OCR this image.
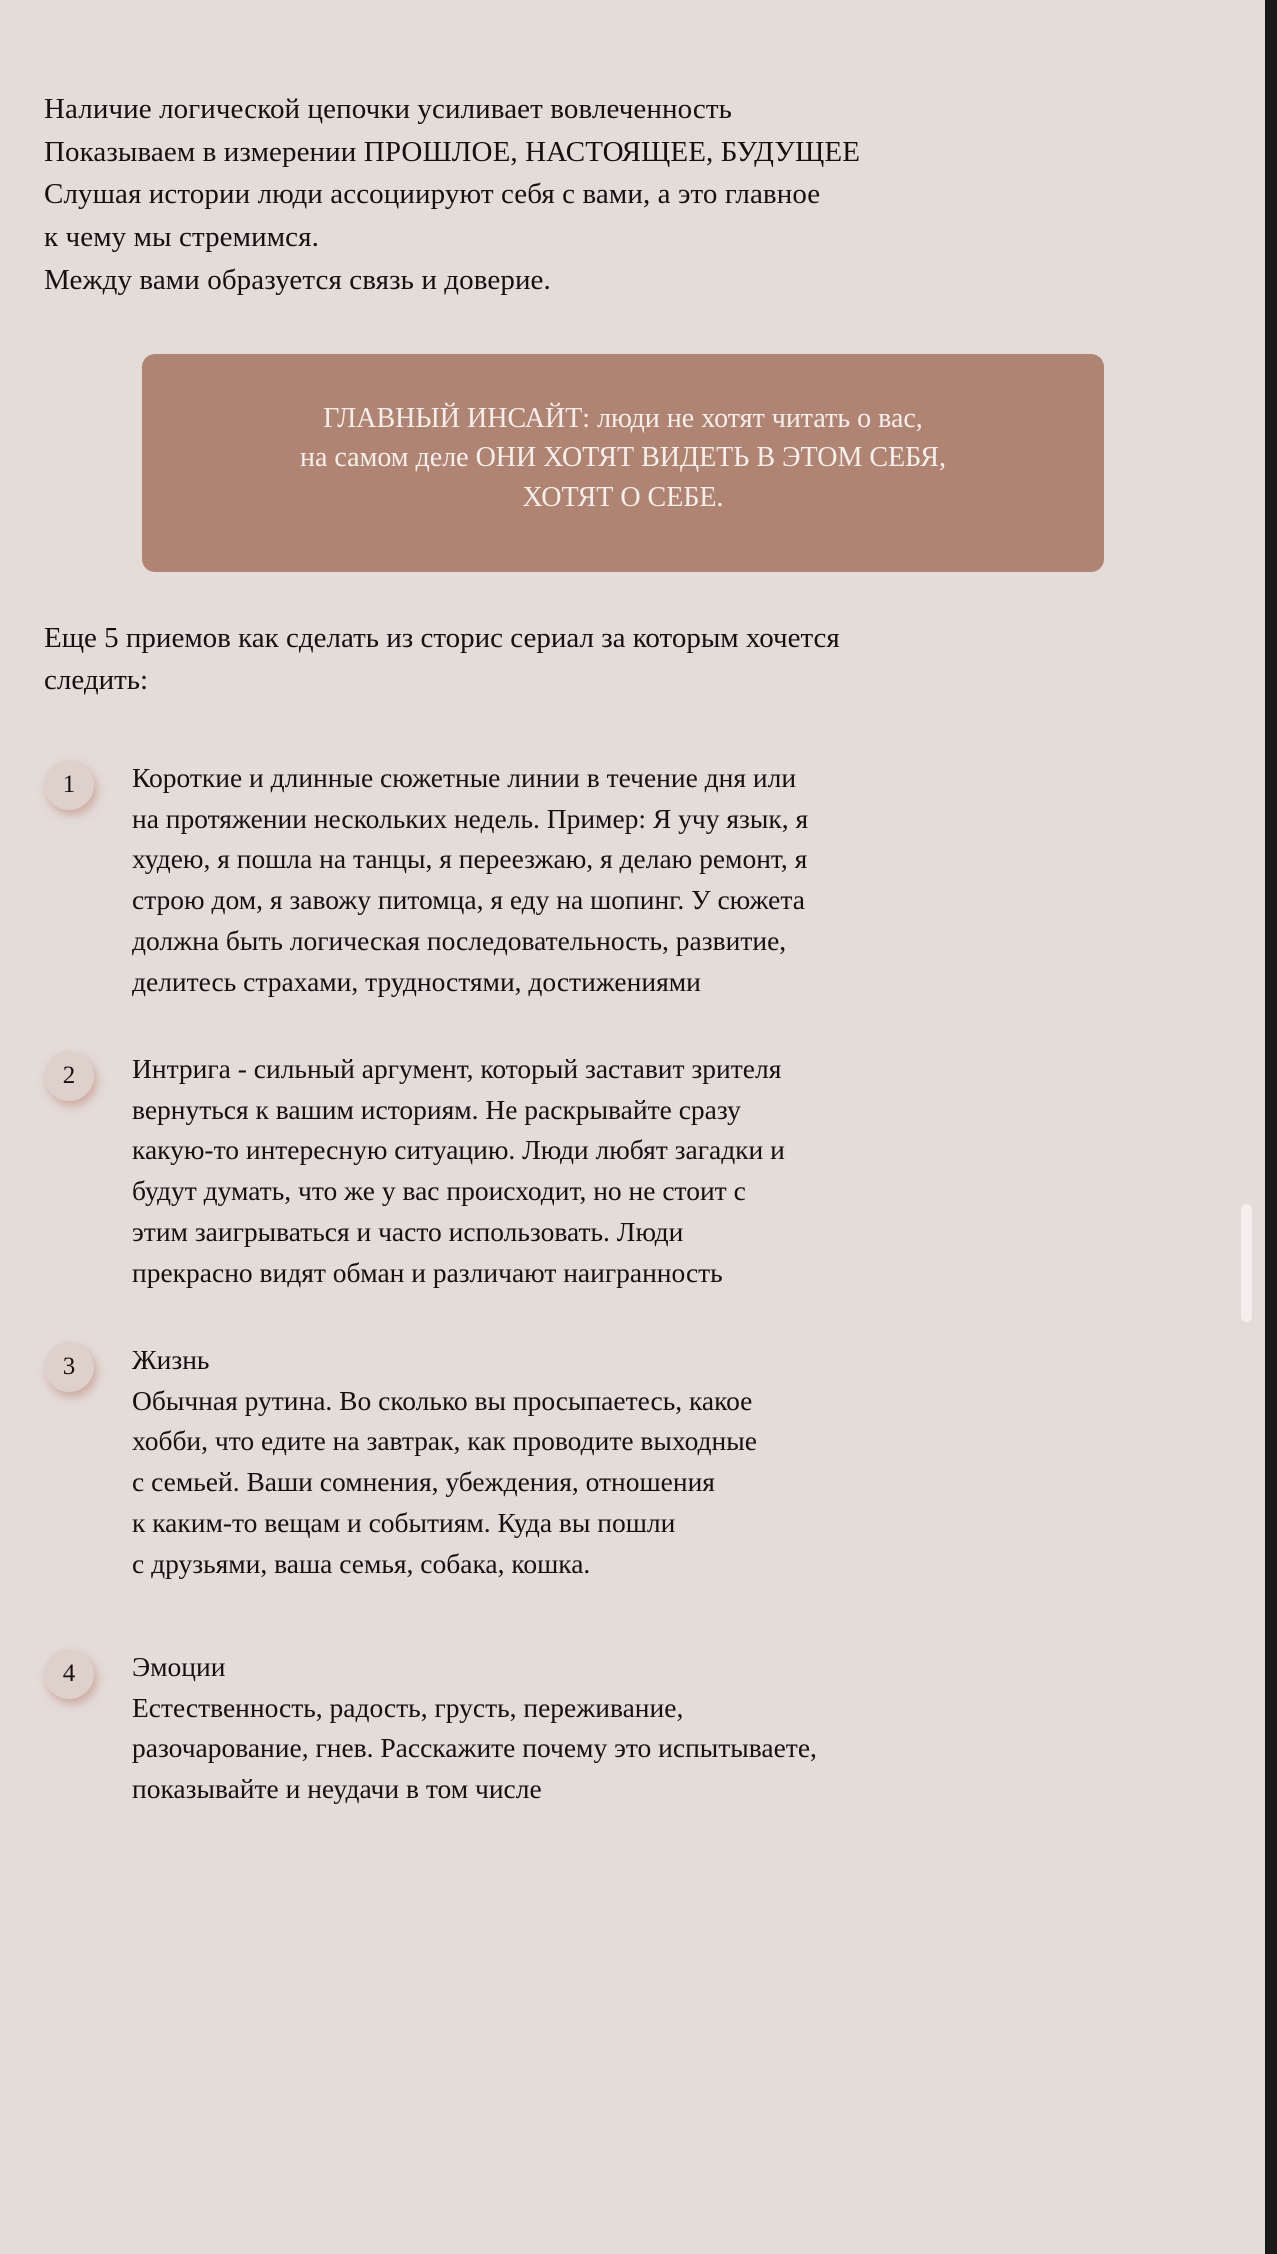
Наличие логической цепочки усиливает вовлеченность
Показываем в измерении ПРОШЛОЕ, НАСТОЯЩЕЕ, БУДУЩЕЕ
Слушая истории люди ассоциируют себя с вами, а это главное
к чему мы стремимся.
Между вами образуется связь и доверие.
ГЛАВНЫЙ ИНСАЙТ: люди не хотят читать о вас,
на самом деле ОНИ ХОТЯТ ВИДЕТЬ В ЭТОМ СЕБЯ,
ХОТЯТ О СЕБЕ.
Еще 5 приемов как сделать из сторис сериал за которым хочется
следить:
1	Короткие и длинные сюжетные линии в течение дня или
на протяжении нескольких недель. Пример: Я учу язык, я
худею, я пошла на танцы, я переезжаю, я делаю ремонт, я
строю дом, я завожу питомца, я еду на шопинг. У сюжета
должна быть логическая последовательность, развитие,
делитесь страхами, трудностями, достижениями
2	Интрига - сильный аргумент, который заставит зрителя
вернуться к вашим историям. Не раскрывайте сразу
какую-то интересную ситуацию. Люди любят загадки и
будут думать, что же у вас происходит, но не стоит с
этим заигрываться и часто использовать. Люди
прекрасно видят обман и различают наигранность
3	Жизнь
Обычная рутина. Во сколько вы просыпаетесь, какое
хобби, что едите на завтрак, как проводите выходные
с семьей. Ваши сомнения, убеждения, отношения
к каким-то вещам и событиям. Куда вы пошли
с друзьями, ваша семья, собака, кошка.
4	Эмоции
Естественность, радость, грусть, переживание,
разочарование, гнев. Расскажите почему это испытываете,
показывайте и неудачи в том числе
